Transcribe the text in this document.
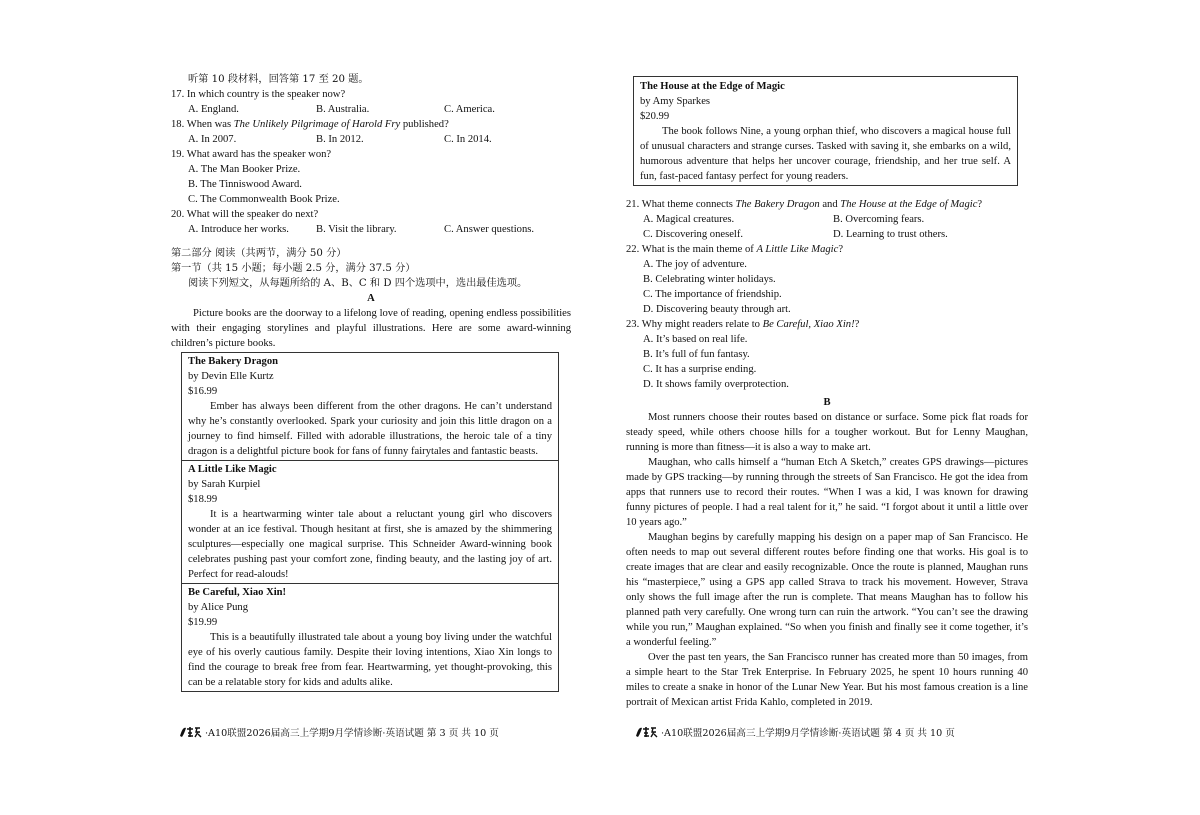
听第 10 段材料，回答第 17 至 20 题。
17. In which country is the speaker now?
A. England.	B. Australia.	C. America.
18. When was The Unlikely Pilgrimage of Harold Fry published?
A. In 2007.	B. In 2012.	C. In 2014.
19. What award has the speaker won?
A. The Man Booker Prize.
B. The Tinniswood Award.
C. The Commonwealth Book Prize.
20. What will the speaker do next?
A. Introduce her works.	B. Visit the library.	C. Answer questions.
第二部分 阅读（共两节，满分 50 分）
第一节（共 15 小题；每小题 2.5 分，满分 37.5 分）
阅读下列短文，从每题所给的 A、B、C 和 D 四个选项中，选出最佳选项。
A
Picture books are the doorway to a lifelong love of reading, opening endless possibilities with their engaging storylines and playful illustrations. Here are some award-winning children’s picture books.
The Bakery Dragon
by Devin Elle Kurtz
$16.99
Ember has always been different from the other dragons. He can’t understand why he’s constantly overlooked. Spark your curiosity and join this little dragon on a journey to find himself. Filled with adorable illustrations, the heroic tale of a tiny dragon is a delightful picture book for fans of funny fairytales and fantastic beasts.
A Little Like Magic
by Sarah Kurpiel
$18.99
It is a heartwarming winter tale about a reluctant young girl who discovers wonder at an ice festival. Though hesitant at first, she is amazed by the shimmering sculptures—especially one magical surprise. This Schneider Award-winning book celebrates pushing past your comfort zone, finding beauty, and the lasting joy of art. Perfect for read-alouds!
Be Careful, Xiao Xin!
by Alice Pung
$19.99
This is a beautifully illustrated tale about a young boy living under the watchful eye of his overly cautious family. Despite their loving intentions, Xiao Xin longs to find the courage to break free from fear. Heartwarming, yet thought-provoking, this can be a relatable story for kids and adults alike.
The House at the Edge of Magic
by Amy Sparkes
$20.99
The book follows Nine, a young orphan thief, who discovers a magical house full of unusual characters and strange curses. Tasked with saving it, she embarks on a wild, humorous adventure that helps her uncover courage, friendship, and her true self. A fun, fast-paced fantasy perfect for young readers.
21. What theme connects The Bakery Dragon and The House at the Edge of Magic?
A. Magical creatures.	B. Overcoming fears.
C. Discovering oneself.	D. Learning to trust others.
22. What is the main theme of A Little Like Magic?
A. The joy of adventure.
B. Celebrating winter holidays.
C. The importance of friendship.
D. Discovering beauty through art.
23. Why might readers relate to Be Careful, Xiao Xin!?
A. It’s based on real life.
B. It’s full of fun fantasy.
C. It has a surprise ending.
D. It shows family overprotection.
B
Most runners choose their routes based on distance or surface. Some pick flat roads for steady speed, while others choose hills for a tougher workout. But for Lenny Maughan, running is more than fitness—it is also a way to make art.
Maughan, who calls himself a “human Etch A Sketch,” creates GPS drawings—pictures made by GPS tracking—by running through the streets of San Francisco. He got the idea from apps that runners use to record their routes. “When I was a kid, I was known for drawing funny pictures of people. I had a real talent for it,” he said. “I forgot about it until a little over 10 years ago.”
Maughan begins by carefully mapping his design on a paper map of San Francisco. He often needs to map out several different routes before finding one that works. His goal is to create images that are clear and easily recognizable. Once the route is planned, Maughan runs his “masterpiece,” using a GPS app called Strava to track his movement. However, Strava only shows the full image after the run is complete. That means Maughan has to follow his planned path very carefully. One wrong turn can ruin the artwork. “You can’t see the drawing while you run,” Maughan explained. “So when you finish and finally see it come together, it’s a wonderful feeling.”
Over the past ten years, the San Francisco runner has created more than 50 images, from a simple heart to the Star Trek Enterprise. In February 2025, he spent 10 hours running 40 miles to create a snake in honor of the Lunar New Year. But his most famous creation is a line portrait of Mexican artist Frida Kahlo, completed in 2019.
·A10联盟2026届高三上学期9月学情诊断·英语试题 第 3 页 共 10 页	·A10联盟2026届高三上学期9月学情诊断·英语试题 第 4 页 共 10 页
